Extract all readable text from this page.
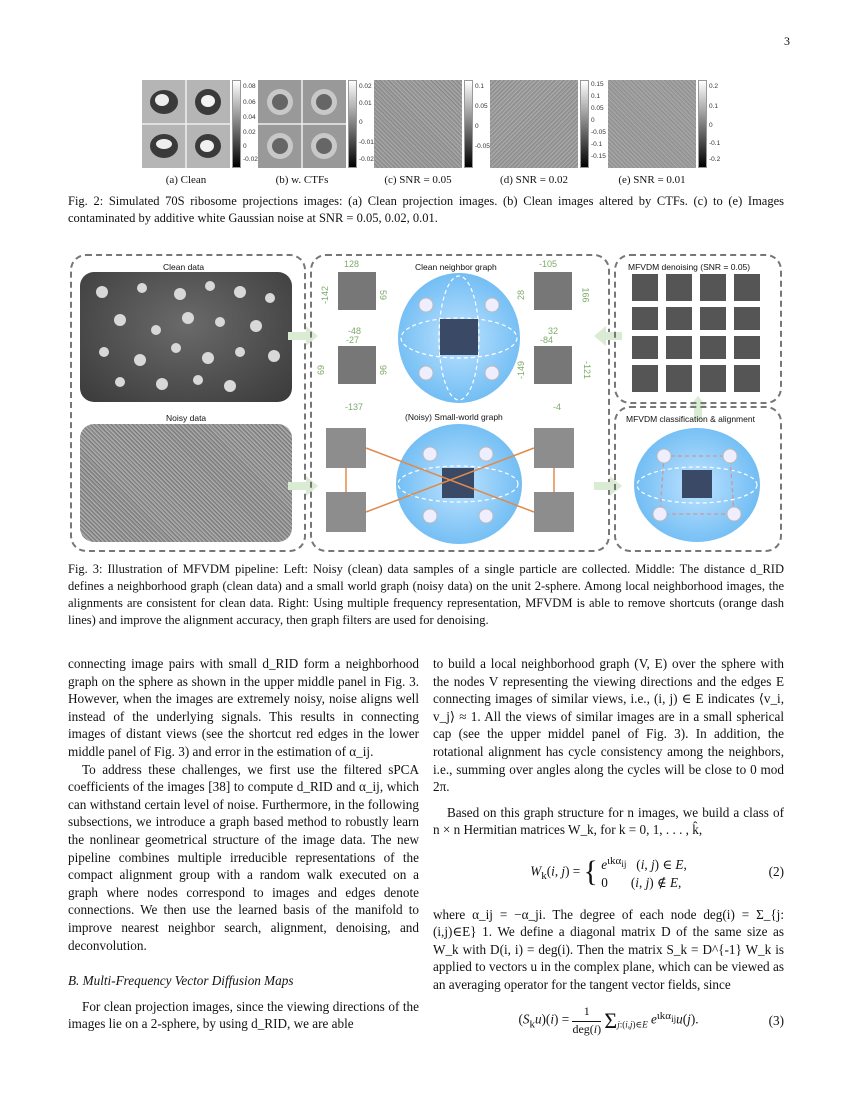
3
0.08
0.06
0.04
0.02
0
-0.02
0.02
0.01
0
-0.01
-0.02
0.1
0.05
0
-0.05
0.15
0.1
0.05
0
-0.05
-0.1
-0.15
0.2
0.1
0
-0.1
-0.2
(a) Clean	(b) w. CTFs	(c) SNR = 0.05	(d) SNR = 0.02	(e) SNR = 0.01
Fig. 2: Simulated 70S ribosome projections images: (a) Clean projection images. (b) Clean images altered by CTFs. (c) to (e) Images contaminated by additive white Gaussian noise at SNR = 0.05, 0.02, 0.01.
Clean data
Noisy data
Clean neighbor graph
128
-142	59
-48
-105
28	166
32
-27
69	96
-137
-84
-149	-121
-4
(Noisy) Small-world graph
MFVDM denoising (SNR = 0.05)
MFVDM classification & alignment
Fig. 3: Illustration of MFVDM pipeline: Left: Noisy (clean) data samples of a single particle are collected. Middle: The distance d_RID defines a neighborhood graph (clean data) and a small world graph (noisy data) on the unit 2-sphere. Among local neighborhood images, the alignments are consistent for clean data. Right: Using multiple frequency representation, MFVDM is able to remove shortcuts (orange dash lines) and improve the alignment accuracy, then graph filters are used for denoising.

connecting image pairs with small d_RID form a neighborhood graph on the sphere as shown in the upper middle panel in Fig. 3. However, when the images are extremely noisy, noise aligns well instead of the underlying signals. This results in connecting images of distant views (see the shortcut red edges in the lower middle panel of Fig. 3) and error in the estimation of α_ij.

To address these challenges, we first use the filtered sPCA coefficients of the images [38] to compute d_RID and α_ij, which can withstand certain level of noise. Furthermore, in the following subsections, we introduce a graph based method to robustly learn the nonlinear geometrical structure of the image data. The new pipeline combines multiple irreducible representations of the compact alignment group with a random walk executed on a graph where nodes correspond to images and edges denote connections. We then use the learned basis of the manifold to improve nearest neighbor search, alignment, denoising, and deconvolution.

B. Multi-Frequency Vector Diffusion Maps

For clean projection images, since the viewing directions of the images lie on a 2-sphere, by using d_RID, we are able

to build a local neighborhood graph (V, E) over the sphere with the nodes V representing the viewing directions and the edges E connecting images of similar views, i.e., (i, j) ∈ E indicates ⟨v_i, v_j⟩ ≈ 1. All the views of similar images are in a small spherical cap (see the upper middel panel of Fig. 3). In addition, the rotational alignment has cycle consistency among the neighbors, i.e., summing over angles along the cycles will be close to 0 mod 2π.

Based on this graph structure for n images, we build a class of n × n Hermitian matrices W_k, for k = 0, 1, . . . , k̂,

$W_k(i$, j) = { $e^{\iota k\alpha_{ij}}$   (i, j) ∈ E,
0       (i, j) ∉ E,
(2)

where α_ij = −α_ji. The degree of each node deg(i) = Σ_{j:(i,j)∈E} 1. We define a diagonal matrix D of the same size as W_k with D(i, i) = deg(i). Then the matrix S_k = D^{-1} W_k is applied to vectors u in the complex plane, which can be viewed as an averaging operator for the tangent vector fields, since

$(S_ku)(i) = 1$
deg(i) $\Sigma_{j:(i,j)\in E}$ $e^{\iota k\alpha_{ij}}u(j)$.	(3)
